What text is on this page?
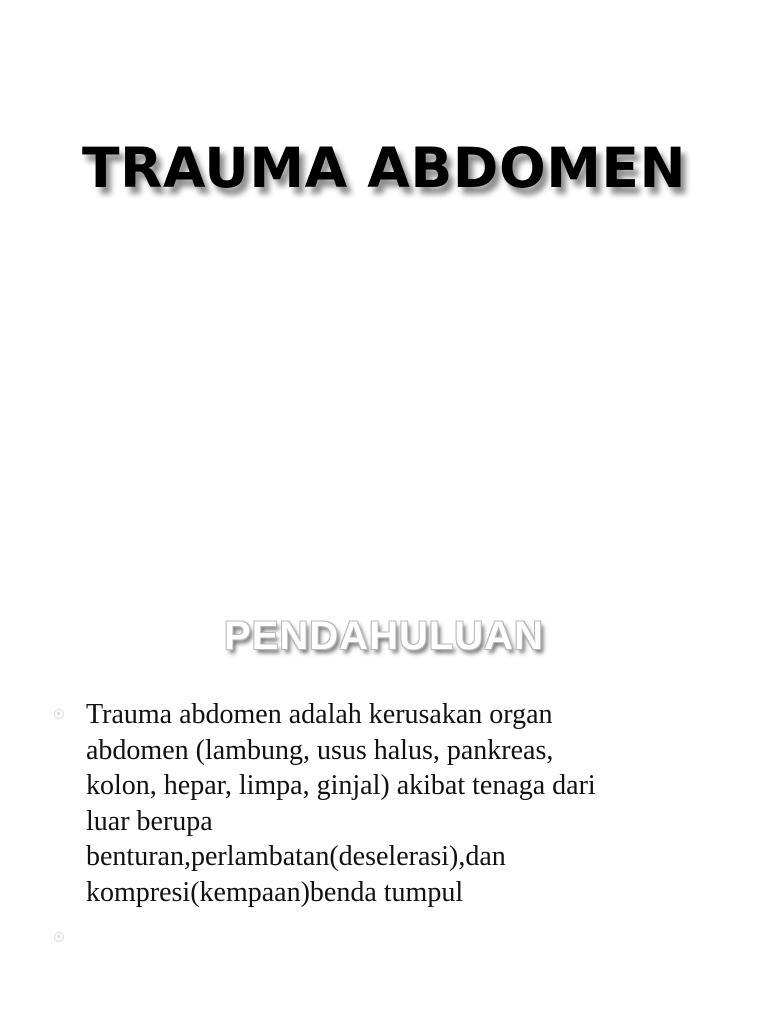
TRAUMA ABDOMEN
PENDAHULUAN
Trauma abdomen adalah kerusakan organ
abdomen (lambung, usus halus, pankreas,
kolon, hepar, limpa, ginjal) akibat tenaga dari
luar berupa
benturan,perlambatan(deselerasi),dan
kompresi(kempaan)benda tumpul
